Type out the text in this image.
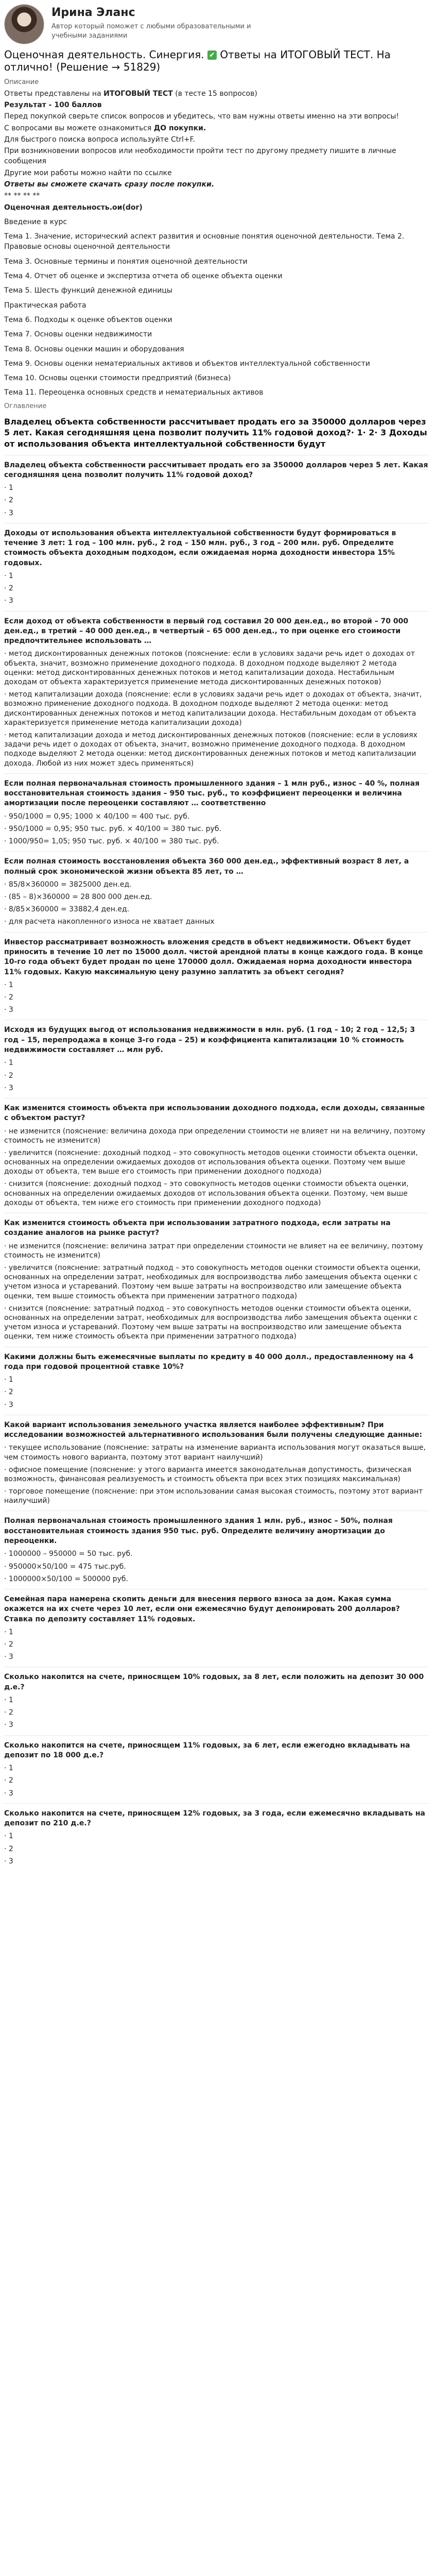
Ирина Эланс
Автор который поможет с любыми образовательными и учебными заданиями
Оценочная деятельность. Синергия. ✔ Ответы на ИТОГОВЫЙ ТЕСТ. На отлично! (Решение → 51829)
Описание
Ответы представлены на ИТОГОВЫЙ ТЕСТ (в тесте 15 вопросов)
Результат - 100 баллов
Перед покупкой сверьте список вопросов и убедитесь, что вам нужны ответы именно на эти вопросы!
С вопросами вы можете ознакомиться ДО покупки.
Для быстрого поиска вопроса используйте Ctrl+F.
При возникновении вопросов или необходимости пройти тест по другому предмету пишите в личные сообщения
Другие мои работы можно найти по ссылке
Ответы вы сможете скачать сразу после покупки.
** ** ** **
Оценочная деятельность.ои(dor)
Введение в курс
Тема 1. Значение, исторический аспект развития и основные понятия оценочной деятельности. Тема 2. Правовые основы оценочной деятельности
Тема 3. Основные термины и понятия оценочной деятельности
Тема 4. Отчет об оценке и экспертиза отчета об оценке объекта оценки
Тема 5. Шесть функций денежной единицы
Практическая работа
Тема 6. Подходы к оценке объектов оценки
Тема 7. Основы оценки недвижимости
Тема 8. Основы оценки машин и оборудования
Тема 9. Основы оценки нематериальных активов и объектов интеллектуальной собственности
Тема 10. Основы оценки стоимости предприятий (бизнеса)
Тема 11. Переоценка основных средств и нематериальных активов
Оглавление
Владелец объекта собственности рассчитывает продать его за 350000 долларов через 5 лет. Какая сегодняшняя цена позволит получить 11% годовой доход?· 1· 2· 3 Доходы от использования объекта интеллектуальной собственности будут
Владелец объекта собственности рассчитывает продать его за 350000 долларов через 5 лет. Какая сегодняшняя цена позволит получить 11% годовой доход?
· 1
· 2
· 3
Доходы от использования объекта интеллектуальной собственности будут формироваться в течение 3 лет: 1 год – 100 млн. руб., 2 год – 150 млн. руб., 3 год – 200 млн. руб. Определите стоимость объекта доходным подходом, если ожидаемая норма доходности инвестора 15% годовых.
· 1
· 2
· 3
Если доход от объекта собственности в первый год составил 20 000 ден.ед., во второй – 70 000 ден.ед., в третий – 40 000 ден.ед., в четвертый – 65 000 ден.ед., то при оценке его стоимости предпочтительнее использовать …
· метод дисконтированных денежных потоков (пояснение: если в условиях задачи речь идет о доходах от объекта, значит, возможно применение доходного подхода. В доходном подходе выделяют 2 метода оценки: метод дисконтированных денежных потоков и метод капитализации дохода. Нестабильным доходам от объекта характеризуется применение метода дисконтированных денежных потоков)
· метод капитализации дохода (пояснение: если в условиях задачи речь идет о доходах от объекта, значит, возможно применение доходного подхода. В доходном подходе выделяют 2 метода оценки: метод дисконтированных денежных потоков и метод капитализации дохода. Нестабильным доходам от объекта характеризуется применение метода капитализации дохода)
· метод капитализации дохода и метод дисконтированных денежных потоков (пояснение: если в условиях задачи речь идет о доходах от объекта, значит, возможно применение доходного подхода. В доходном подходе выделяют 2 метода оценки: метод дисконтированных денежных потоков и метод капитализации дохода. Любой из них может здесь применяться)
Если полная первоначальная стоимость промышленного здания – 1 млн руб., износ – 40 %, полная восстановительная стоимость здания – 950 тыс. руб., то коэффициент переоценки и величина амортизации после переоценки составляют … соответственно
· 950/1000 = 0,95; 1000 × 40/100 = 400 тыс. руб.
· 950/1000 = 0,95; 950 тыс. руб. × 40/100 = 380 тыс. руб.
· 1000/950= 1,05; 950 тыс. руб. × 40/100 = 380 тыс. руб.
Если полная стоимость восстановления объекта 360 000 ден.ед., эффективный возраст 8 лет, а полный срок экономической жизни объекта 85 лет, то …
· 85/8×360000 = 3825000 ден.ед.
· (85 – 8)×360000 = 28 800 000 ден.ед.
· 8/85×360000 = 33882,4 ден.ед.
· для расчета накопленного износа не хватает данных
Инвестор рассматривает возможность вложения средств в объект недвижимости. Объект будет приносить в течение 10 лет по 15000 долл. чистой арендной платы в конце каждого года. В конце 10-го года объект будет продан по цене 170000 долл. Ожидаемая норма доходности инвестора 11% годовых. Какую максимальную цену разумно заплатить за объект сегодня?
· 1
· 2
· 3
Исходя из будущих выгод от использования недвижимости в млн. руб. (1 год – 10; 2 год – 12,5; 3 год – 15, перепродажа в конце 3-го года – 25) и коэффициента капитализации 10 % стоимость недвижимости составляет … млн руб.
· 1
· 2
· 3
Как изменится стоимость объекта при использовании доходного подхода, если доходы, связанные с объектом растут?
· не изменится (пояснение: величина дохода при определении стоимости не влияет ни на величину, поэтому стоимость не изменится)
· увеличится (пояснение: доходный подход – это совокупность методов оценки стоимости объекта оценки, основанных на определении ожидаемых доходов от использования объекта оценки. Поэтому чем выше доходы от объекта, тем выше его стоимость при применении доходного подхода)
· снизится (пояснение: доходный подход – это совокупность методов оценки стоимости объекта оценки, основанных на определении ожидаемых доходов от использования объекта оценки. Поэтому, чем выше доходы от объекта, тем ниже его стоимость при применении доходного подхода)
Как изменится стоимость объекта при использовании затратного подхода, если затраты на создание аналогов на рынке растут?
· не изменится (пояснение: величина затрат при определении стоимости не влияет на ее величину, поэтому стоимость не изменится)
· увеличится (пояснение: затратный подход – это совокупность методов оценки стоимости объекта оценки, основанных на определении затрат, необходимых для воспроизводства либо замещения объекта оценки с учетом износа и устареваний. Поэтому чем выше затраты на воспроизводство или замещение объекта оценки, тем выше стоимость объекта при применении затратного подхода)
· снизится (пояснение: затратный подход – это совокупность методов оценки стоимости объекта оценки, основанных на определении затрат, необходимых для воспроизводства либо замещения объекта оценки с учетом износа и устареваний. Поэтому чем выше затраты на воспроизводство или замещение объекта оценки, тем ниже стоимость объекта при применении затратного подхода)
Какими должны быть ежемесячные выплаты по кредиту в 40 000 долл., предоставленному на 4 года при годовой процентной ставке 10%?
· 1
· 2
· 3
Какой вариант использования земельного участка является наиболее эффективным? При исследовании возможностей альтернативного использования были получены следующие данные:
· текущее использование (пояснение: затраты на изменение варианта использования могут оказаться выше, чем стоимость нового варианта, поэтому этот вариант наилучший)
· офисное помещение (пояснение: у этого варианта имеется законодательная допустимость, физическая возможность, финансовая реализуемость и стоимость объекта при всех этих позициях максимальная)
· торговое помещение (пояснение: при этом использовании самая высокая стоимость, поэтому этот вариант наилучший)
Полная первоначальная стоимость промышленного здания 1 млн. руб., износ – 50%, полная восстановительная стоимость здания 950 тыс. руб. Определите величину амортизации до переоценки.
· 1000000 – 950000 = 50 тыс. руб.
· 950000×50/100 = 475 тыс.руб.
· 1000000×50/100 = 500000 руб.
Семейная пара намерена скопить деньги для внесения первого взноса за дом. Какая сумма окажется на их счете через 10 лет, если они ежемесячно будут депонировать 200 долларов? Ставка по депозиту составляет 11% годовых.
· 1
· 2
· 3
Сколько накопится на счете, приносящем 10% годовых, за 8 лет, если положить на депозит 30 000 д.е.?
· 1
· 2
· 3
Сколько накопится на счете, приносящем 11% годовых, за 6 лет, если ежегодно вкладывать на депозит по 18 000 д.е.?
· 1
· 2
· 3
Сколько накопится на счете, приносящем 12% годовых, за 3 года, если ежемесячно вкладывать на депозит по 210 д.е.?
· 1
· 2
· 3
